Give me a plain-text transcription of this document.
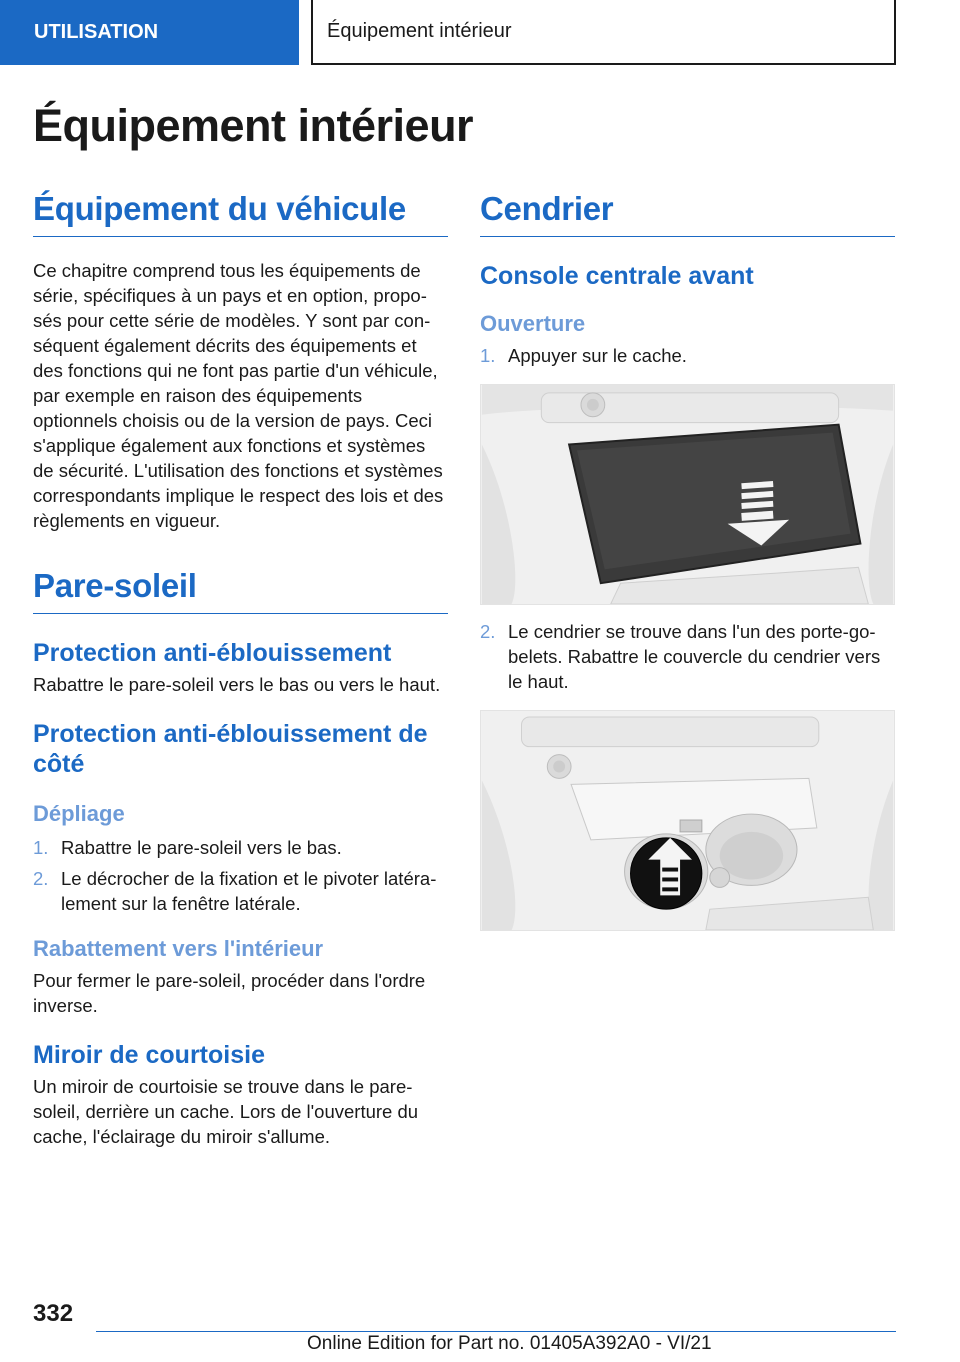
UTILISATION	Équipement intérieur
Équipement intérieur
Équipement du véhicule

Ce chapitre comprend tous les équipements de série, spécifiques à un pays et en option, proposés pour cette série de modèles. Y sont par conséquent également décrits des équipements et des fonctions qui ne font pas partie d'un véhicule, par exemple en raison des équipements optionnels choisis ou de la version de pays. Ceci s'applique également aux fonctions et systèmes de sécurité. L'utilisation des fonctions et systèmes correspondants implique le respect des lois et des règlements en vigueur.

Pare-soleil
Protection anti-éblouissement

Rabattre le pare-soleil vers le bas ou vers le haut.

Protection anti-éblouissement de côté
Dépliage
1. Rabattre le pare-soleil vers le bas.
2. Le décrocher de la fixation et le pivoter latéralement sur la fenêtre latérale.
Rabattement vers l'intérieur

Pour fermer le pare-soleil, procéder dans l'ordre inverse.

Miroir de courtoisie

Un miroir de courtoisie se trouve dans le pare-soleil, derrière un cache. Lors de l'ouverture du cache, l'éclairage du miroir s'allume.

Cendrier
Console centrale avant
Ouverture
1. Appuyer sur le cache.
2. Le cendrier se trouve dans l'un des porte-gobelets. Rabattre le couvercle du cendrier vers le haut.
332
Online Edition for Part no. 01405A392A0 - VI/21
